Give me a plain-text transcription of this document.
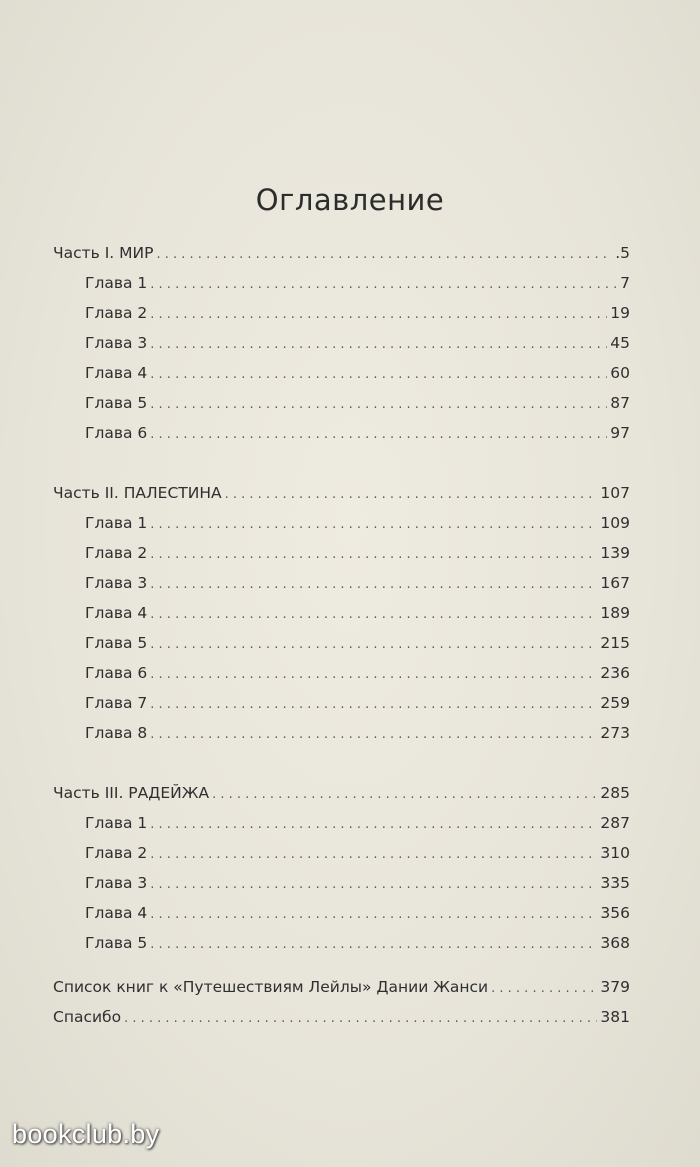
Оглавление
Часть I. МИР . . .	.5
Глава 1 . . .	7
Глава 2 . . .	19
Глава 3 . . .	45
Глава 4 . . .	60
Глава 5 . . .	87
Глава 6 . . .	97
Часть II. ПАЛЕСТИНА . . .	107
Глава 1 . . .	109
Глава 2 . . .	139
Глава 3 . . .	167
Глава 4 . . .	189
Глава 5 . . .	215
Глава 6 . . .	236
Глава 7 . . .	259
Глава 8 . . .	273
Часть III. РАДЕЙЖА . . .	285
Глава 1 . . .	287
Глава 2 . . .	310
Глава 3 . . .	335
Глава 4 . . .	356
Глава 5 . . .	368
Список книг к «Путешествиям Лейлы» Дании Жанси . . .	379
Спасибо . . .	381
bookclub.by
